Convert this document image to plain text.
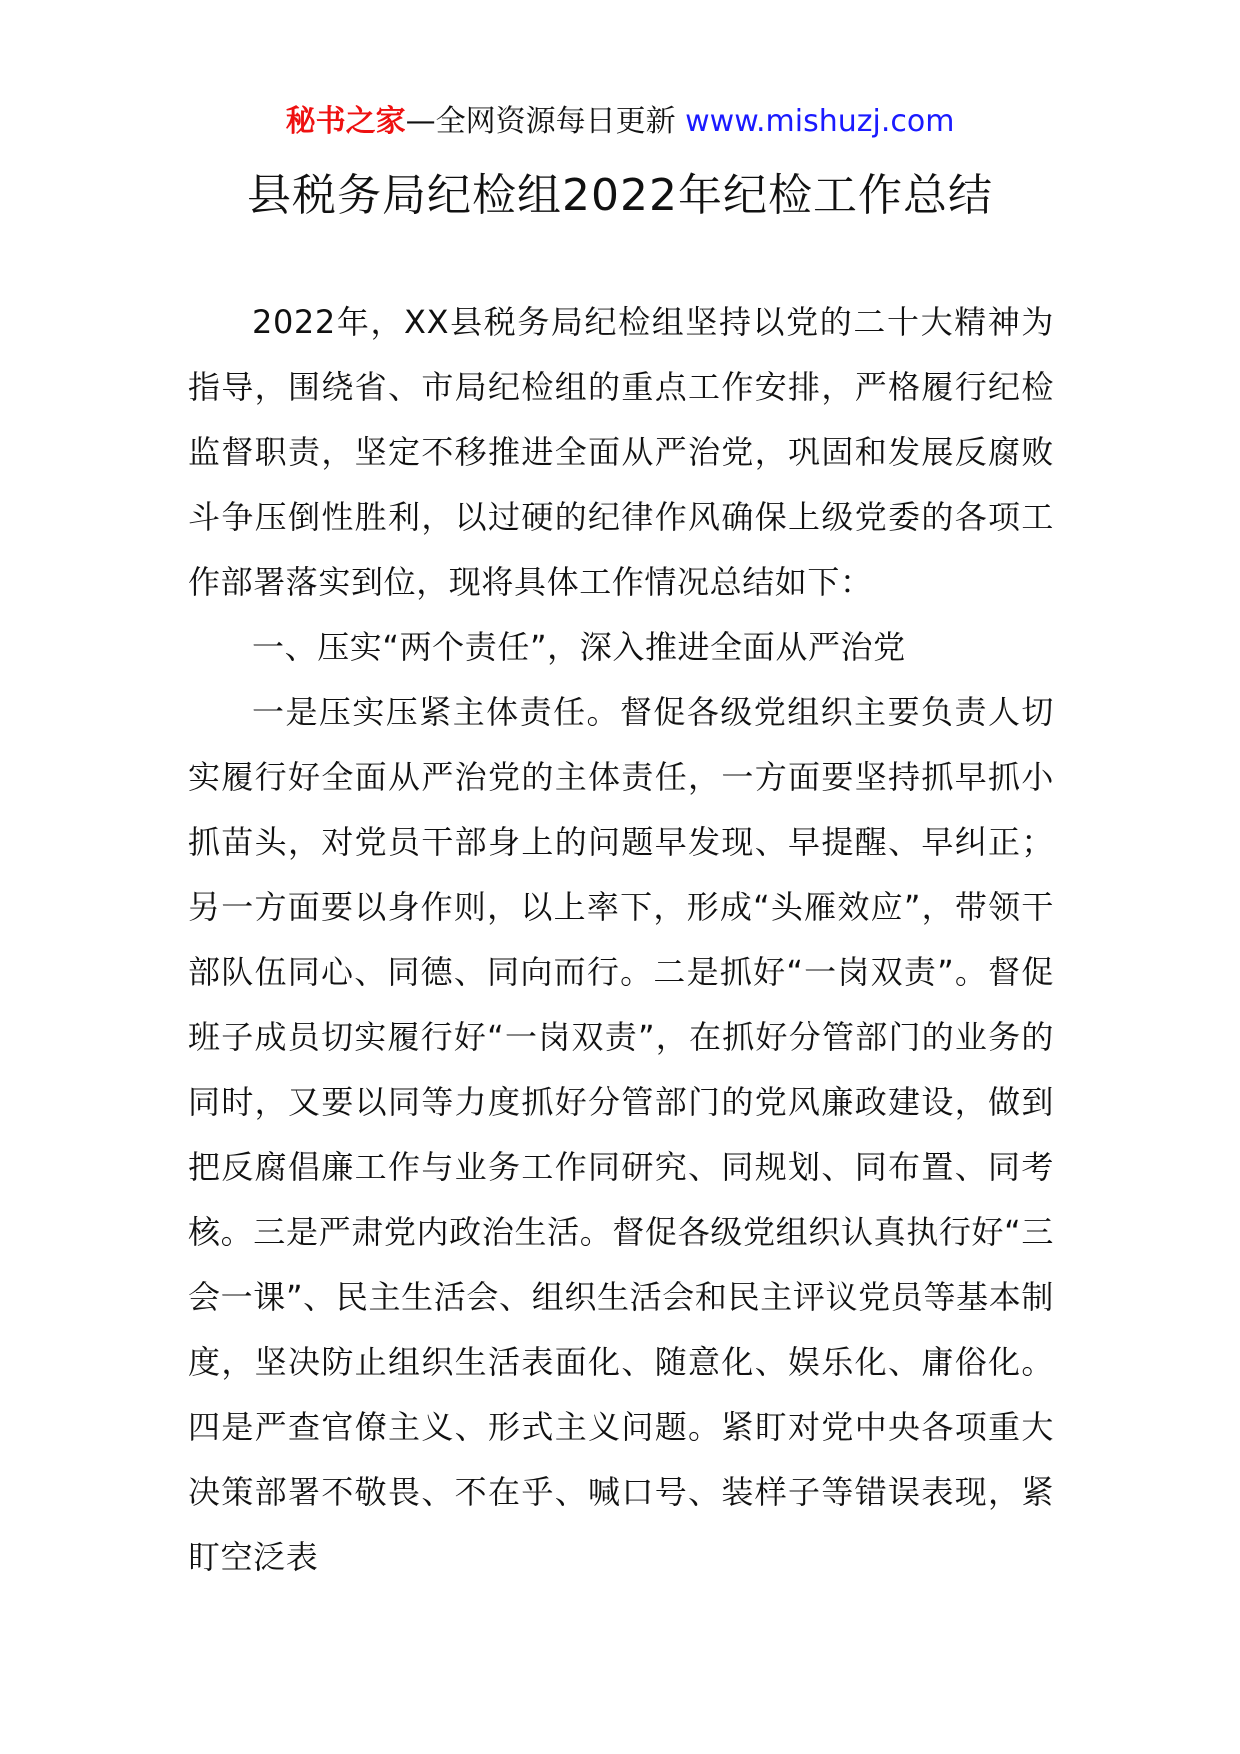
秘书之家—全网资源每日更新 www.mishuzj.com
县税务局纪检组2022年纪检工作总结

2022年，XX县税务局纪检组坚持以党的二十大精神为指导，围绕省、市局纪检组的重点工作安排，严格履行纪检监督职责，坚定不移推进全面从严治党，巩固和发展反腐败斗争压倒性胜利，以过硬的纪律作风确保上级党委的各项工作部署落实到位，现将具体工作情况总结如下：

一、压实“两个责任”，深入推进全面从严治党

一是压实压紧主体责任。督促各级党组织主要负责人切实履行好全面从严治党的主体责任，一方面要坚持抓早抓小抓苗头，对党员干部身上的问题早发现、早提醒、早纠正；另一方面要以身作则，以上率下，形成“头雁效应”，带领干部队伍同心、同德、同向而行。二是抓好“一岗双责”。督促班子成员切实履行好“一岗双责”，在抓好分管部门的业务的同时，又要以同等力度抓好分管部门的党风廉政建设，做到把反腐倡廉工作与业务工作同研究、同规划、同布置、同考核。三是严肃党内政治生活。督促各级党组织认真执行好“三会一课”、民主生活会、组织生活会和民主评议党员等基本制度，坚决防止组织生活表面化、随意化、娱乐化、庸俗化。四是严查官僚主义、形式主义问题。紧盯对党中央各项重大决策部署不敬畏、不在乎、喊口号、装样子等错误表现，紧盯空泛表
